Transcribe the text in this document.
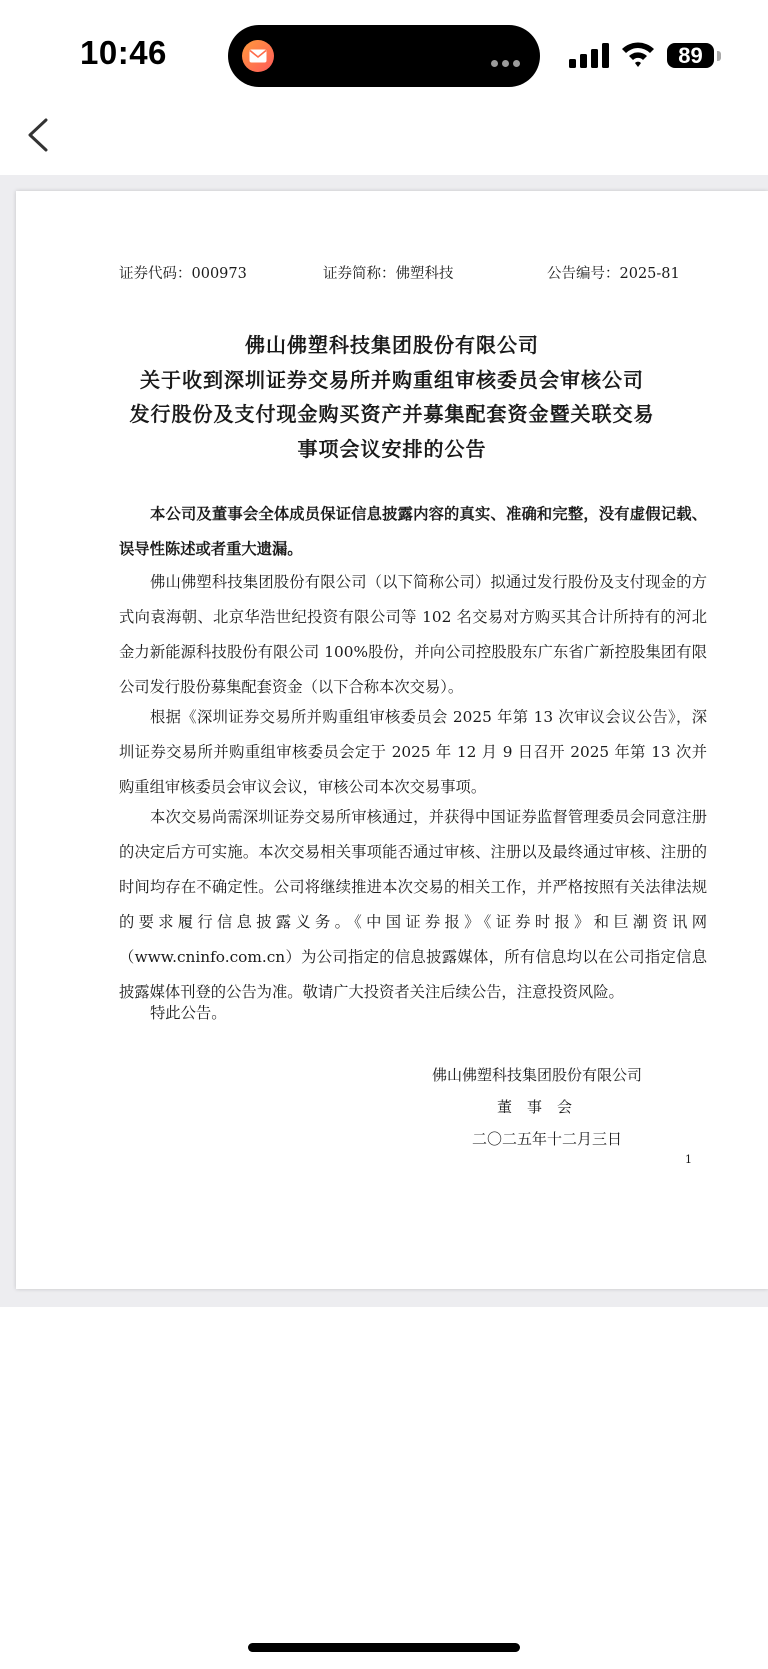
10:46	89
证券代码：000973	证券简称：佛塑科技	公告编号：2025-81
佛山佛塑科技集团股份有限公司
关于收到深圳证券交易所并购重组审核委员会审核公司
发行股份及支付现金购买资产并募集配套资金暨关联交易
事项会议安排的公告

本公司及董事会全体成员保证信息披露内容的真实、准确和完整，没有虚假记载、误导性陈述或者重大遗漏。

佛山佛塑科技集团股份有限公司（以下简称公司）拟通过发行股份及支付现金的方式向袁海朝、北京华浩世纪投资有限公司等 102 名交易对方购买其合计所持有的河北金力新能源科技股份有限公司 100%股份，并向公司控股股东广东省广新控股集团有限公司发行股份募集配套资金（以下合称本次交易）。

根据《深圳证券交易所并购重组审核委员会 2025 年第 13 次审议会议公告》，深圳证券交易所并购重组审核委员会定于 2025 年 12 月 9 日召开 2025 年第 13 次并购重组审核委员会审议会议，审核公司本次交易事项。

本次交易尚需深圳证券交易所审核通过，并获得中国证券监督管理委员会同意注册的决定后方可实施。本次交易相关事项能否通过审核、注册以及最终通过审核、注册的时间均存在不确定性。公司将继续推进本次交易的相关工作，并严格按照有关法律法规的要求履行信息披露义务。《中国证券报》《证券时报》和巨潮资讯网（www.cninfo.com.cn）为公司指定的信息披露媒体，所有信息均以在公司指定信息披露媒体刊登的公告为准。敬请广大投资者关注后续公告，注意投资风险。

特此公告。

佛山佛塑科技集团股份有限公司
董　事　会
二〇二五年十二月三日
1
